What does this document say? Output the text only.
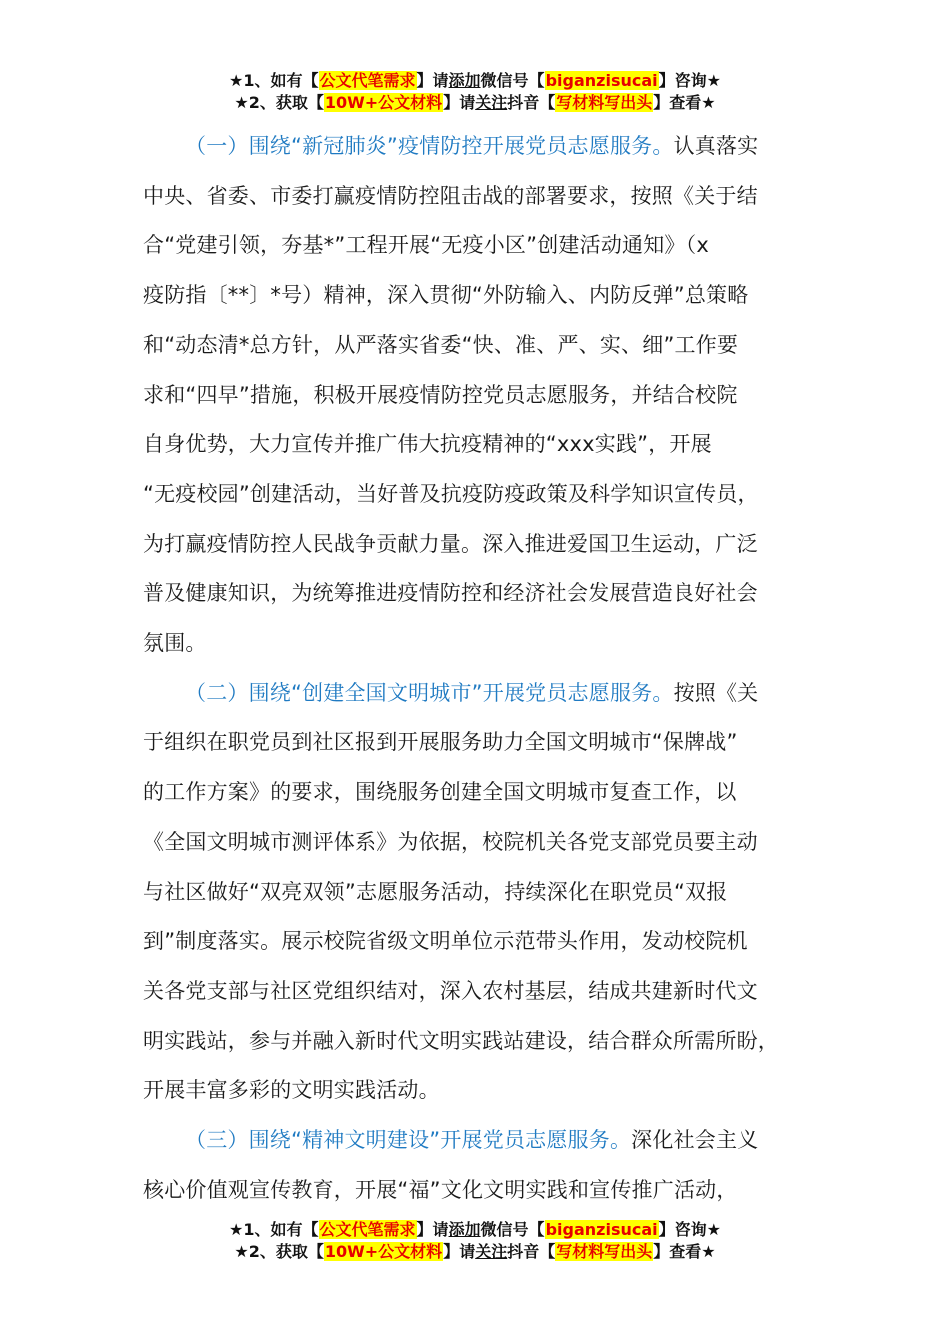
★1、如有【公文代笔需求】请添加微信号【biganzisucai】咨询★
★2、获取【10W+公文材料】请关注抖音【写材料写出头】查看★

（一）围绕“新冠肺炎”疫情防控开展党员志愿服务。认真落实
中央、省委、市委打赢疫情防控阻击战的部署要求，按照《关于结
合“党建引领，夯基*”工程开展“无疫小区”创建活动通知》（x
疫防指〔**〕*号）精神，深入贯彻“外防输入、内防反弹”总策略
和“动态清*总方针，从严落实省委“快、准、严、实、细”工作要
求和“四早”措施，积极开展疫情防控党员志愿服务，并结合校院
自身优势，大力宣传并推广伟大抗疫精神的“xxx实践”，开展
“无疫校园”创建活动，当好普及抗疫防疫政策及科学知识宣传员，
为打赢疫情防控人民战争贡献力量。深入推进爱国卫生运动，广泛
普及健康知识，为统筹推进疫情防控和经济社会发展营造良好社会
氛围。

（二）围绕“创建全国文明城市”开展党员志愿服务。按照《关
于组织在职党员到社区报到开展服务助力全国文明城市“保牌战”
的工作方案》的要求，围绕服务创建全国文明城市复查工作，以
《全国文明城市测评体系》为依据，校院机关各党支部党员要主动
与社区做好“双亮双领”志愿服务活动，持续深化在职党员“双报
到”制度落实。展示校院省级文明单位示范带头作用，发动校院机
关各党支部与社区党组织结对，深入农村基层，结成共建新时代文
明实践站，参与并融入新时代文明实践站建设，结合群众所需所盼，
开展丰富多彩的文明实践活动。

（三）围绕“精神文明建设”开展党员志愿服务。深化社会主义
核心价值观宣传教育，开展“福”文化文明实践和宣传推广活动，

★1、如有【公文代笔需求】请添加微信号【biganzisucai】咨询★
★2、获取【10W+公文材料】请关注抖音【写材料写出头】查看★
